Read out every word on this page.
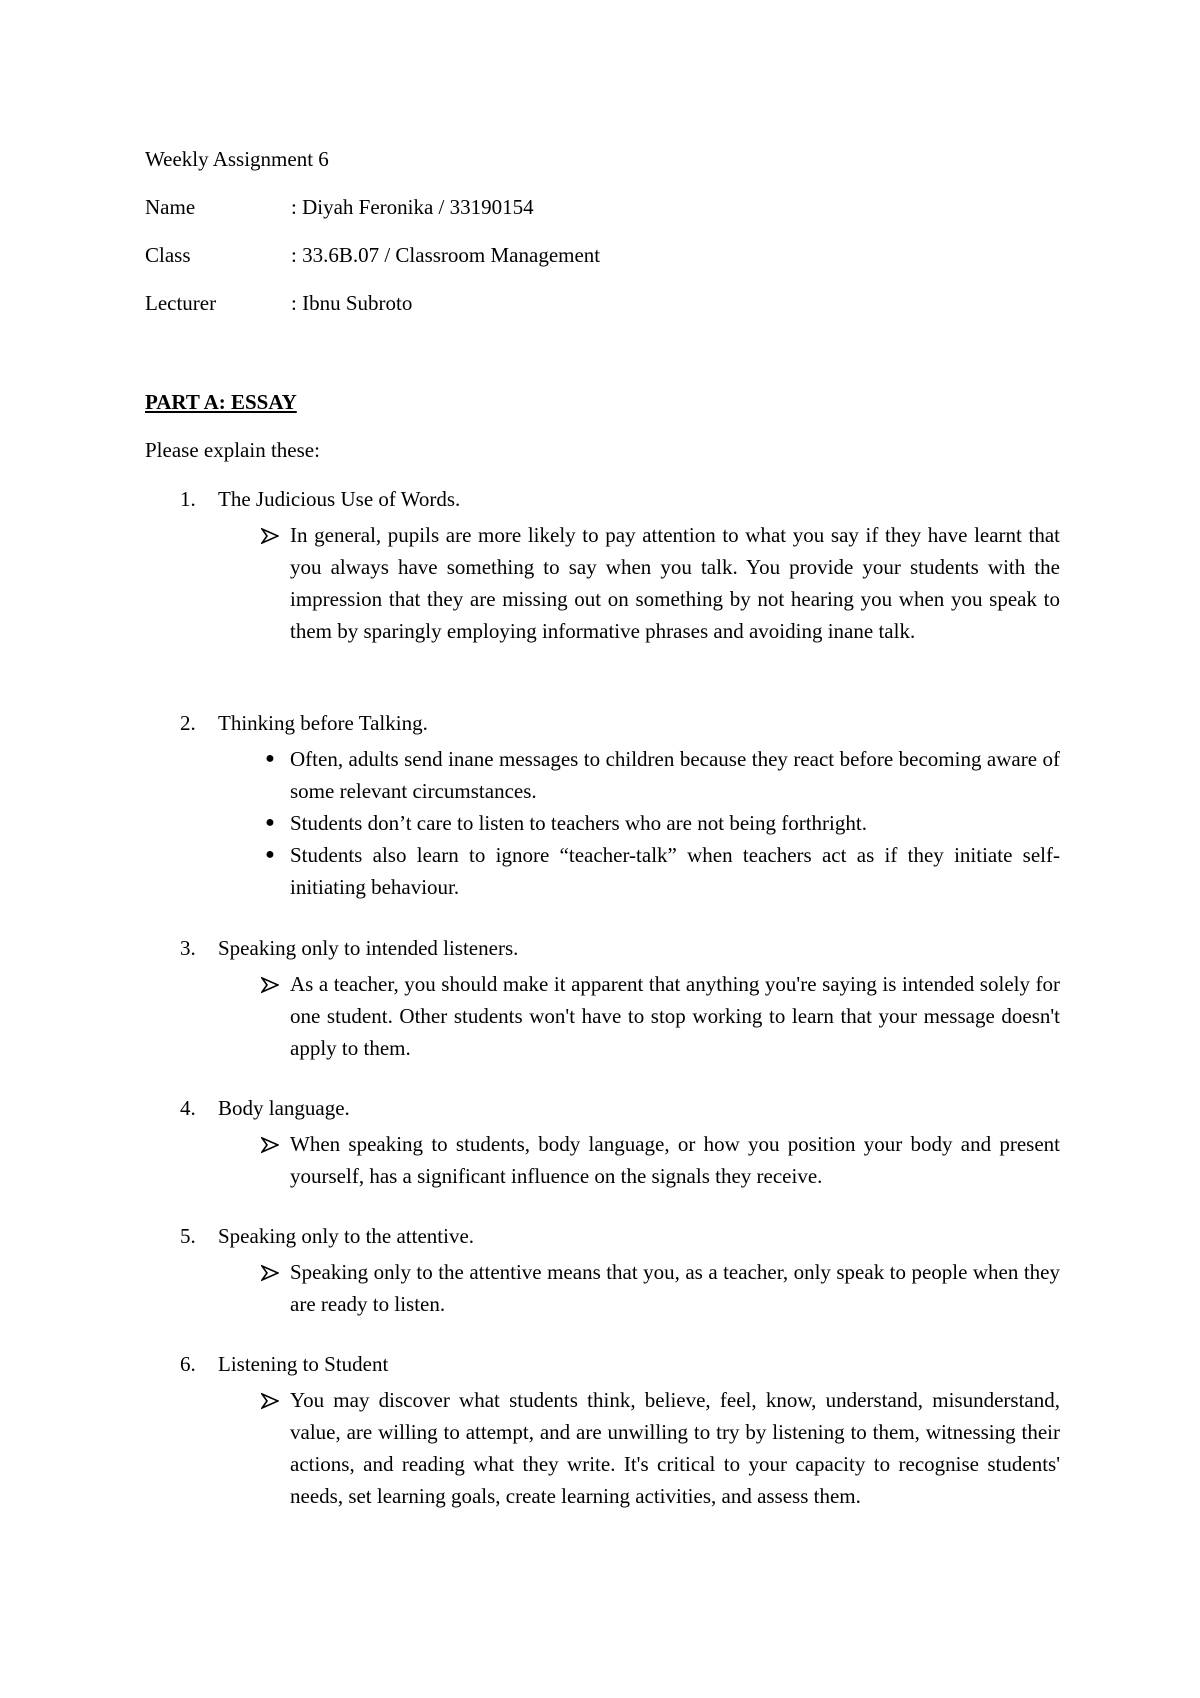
Weekly Assignment 6
Name	: Diyah Feronika / 33190154
Class	: 33.6B.07 / Classroom Management
Lecturer	: Ibnu Subroto
PART A: ESSAY
Please explain these:
1. The Judicious Use of Words.
In general, pupils are more likely to pay attention to what you say if they have learnt that you always have something to say when you talk. You provide your students with the impression that they are missing out on something by not hearing you when you speak to them by sparingly employing informative phrases and avoiding inane talk.
2. Thinking before Talking.
● Often, adults send inane messages to children because they react before becoming aware of some relevant circumstances.
● Students don’t care to listen to teachers who are not being forthright.
● Students also learn to ignore “teacher-talk” when teachers act as if they initiate self-initiating behaviour.
3. Speaking only to intended listeners.
As a teacher, you should make it apparent that anything you're saying is intended solely for one student. Other students won't have to stop working to learn that your message doesn't apply to them.
4. Body language.
When speaking to students, body language, or how you position your body and present yourself, has a significant influence on the signals they receive.
5. Speaking only to the attentive.
Speaking only to the attentive means that you, as a teacher, only speak to people when they are ready to listen.
6. Listening to Student
You may discover what students think, believe, feel, know, understand, misunderstand, value, are willing to attempt, and are unwilling to try by listening to them, witnessing their actions, and reading what they write. It's critical to your capacity to recognise students' needs, set learning goals, create learning activities, and assess them.
